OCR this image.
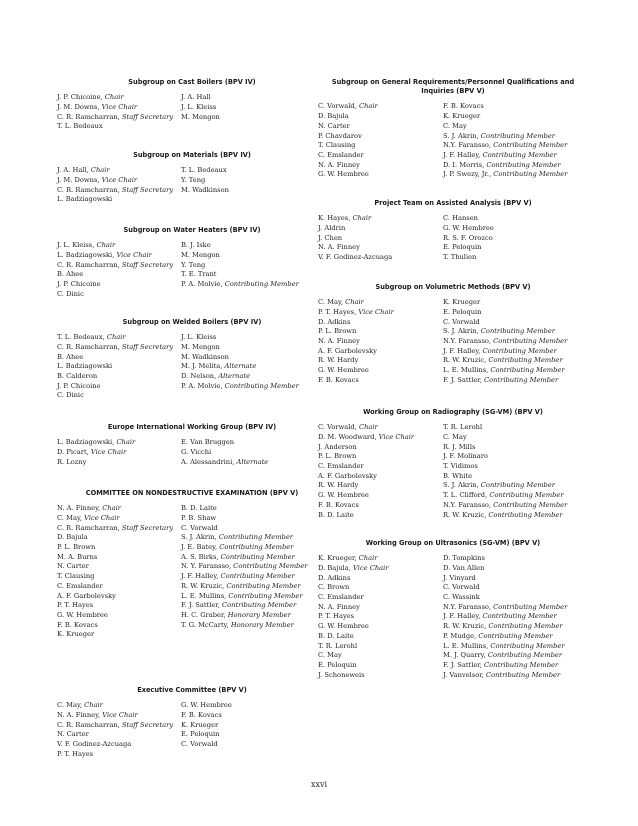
Subgroup on Cast Boilers (BPV IV)
J. P. Chicoine, Chair	J. A. Hall
J. M. Downs, Vice Chair	J. L. Kleiss
C. R. Ramcharran, Staff Secretary	M. Mengon
T. L. Bedeaux
Subgroup on Materials (BPV IV)
J. A. Hall, Chair	T. L. Bedeaux
J. M. Downs, Vice Chair	Y. Teng
C. R. Ramcharran, Staff Secretary	M. Wadkinson
L. Badziagowski
Subgroup on Water Heaters (BPV IV)
J. L. Kleiss, Chair	B. J. Iske
L. Badziagowski, Vice Chair	M. Mengon
C. R. Ramcharran, Staff Secretary	Y. Teng
B. Ahee	T. E. Trant
J. P. Chicoine	P. A. Molvie, Contributing Member
C. Dinic
Subgroup on Welded Boilers (BPV IV)
T. L. Bedeaux, Chair	J. L. Kleiss
C. R. Ramcharran, Staff Secretary	M. Mengon
B. Ahee	M. Wadkinson
L. Badziagowski	M. J. Melita, Alternate
B. Calderon	D. Nelson, Alternate
J. P. Chicoine	P. A. Molvie, Contributing Member
C. Dinic
Europe International Working Group (BPV IV)
L. Badziagowski, Chair	E. Van Bruggen
D. Picart, Vice Chair	G. Vicchi
R. Lozny	A. Alessandrini, Alternate
COMMITTEE ON NONDESTRUCTIVE EXAMINATION (BPV V)
N. A. Finney, Chair	B. D. Laite
C. May, Vice Chair	P. B. Shaw
C. R. Ramcharran, Staff Secretary	C. Vorwald
D. Bajula	S. J. Akrin, Contributing Member
P. L. Brown	J. E. Batey, Contributing Member
M. A. Burns	A. S. Birks, Contributing Member
N. Carter	N. Y. Faransso, Contributing Member
T. Clausing	J. F. Halley, Contributing Member
C. Emslander	R. W. Kruzic, Contributing Member
A. F. Garbolevsky	L. E. Mullins, Contributing Member
P. T. Hayes	F. J. Sattler, Contributing Member
G. W. Hembree	H. C. Graber, Honorary Member
F. B. Kovacs	T. G. McCarty, Honorary Member
K. Krueger
Executive Committee (BPV V)
C. May, Chair	G. W. Hembree
N. A. Finney, Vice Chair	F. B. Kovacs
C. R. Ramcharran, Staff Secretary	K. Krueger
N. Carter	E. Peloquin
V. F. Godinez-Azcuaga	C. Vorwald
P. T. Hayes
Subgroup on General Requirements/Personnel Qualifications and Inquiries (BPV V)
C. Vorwald, Chair	F. B. Kovacs
D. Bajula	K. Krueger
N. Carter	C. May
P. Chavdarov	S. J. Akrin, Contributing Member
T. Clausing	N.Y. Faransso, Contributing Member
C. Emslander	J. F. Halley, Contributing Member
N. A. Finney	D. I. Morris, Contributing Member
G. W. Hembree	J. P. Swezy, Jr., Contributing Member
Project Team on Assisted Analysis (BPV V)
K. Hayes, Chair	C. Hansen
J. Aldrin	G. W. Hembree
J. Chen	R. S. F. Orozco
N. A. Finney	E. Peloquin
V. F. Godinez-Azcuaga	T. Thulien
Subgroup on Volumetric Methods (BPV V)
C. May, Chair	K. Krueger
P. T. Hayes, Vice Chair	E. Peloquin
D. Adkins	C. Vorwald
P. L. Brown	S. J. Akrin, Contributing Member
N. A. Finney	N.Y. Faransso, Contributing Member
A. F. Garbolevsky	J. F. Halley, Contributing Member
R. W. Hardy	R. W. Kruzic, Contributing Member
G. W. Hembree	L. E. Mullins, Contributing Member
F. B. Kovacs	F. J. Sattler, Contributing Member
Working Group on Radiography (SG-VM) (BPV V)
C. Vorwald, Chair	T. R. Lerohl
D. M. Woodward, Vice Chair	C. May
J. Anderson	R. J. Mills
P. L. Brown	J. F. Molinaro
C. Emslander	T. Vidimos
A. F. Garbolevsky	B. White
R. W. Hardy	S. J. Akrin, Contributing Member
G. W. Hembree	T. L. Clifford, Contributing Member
F. B. Kovacs	N.Y. Faransso, Contributing Member
B. D. Laite	R. W. Kruzic, Contributing Member
Working Group on Ultrasonics (SG-VM) (BPV V)
K. Krueger, Chair	D. Tompkins
D. Bajula, Vice Chair	D. Van Allen
D. Adkins	J. Vinyard
C. Brown	C. Vorwald
C. Emslander	C. Wassink
N. A. Finney	N.Y. Faransso, Contributing Member
P. T. Hayes	J. F. Halley, Contributing Member
G. W. Hembree	R. W. Kruzic, Contributing Member
B. D. Laite	P. Mudge, Contributing Member
T. R. Lerohl	L. E. Mullins, Contributing Member
C. May	M. J. Quarry, Contributing Member
E. Peloquin	F. J. Sattler, Contributing Member
J. Schoneweis	J. Vanvelsor, Contributing Member
xxvi
